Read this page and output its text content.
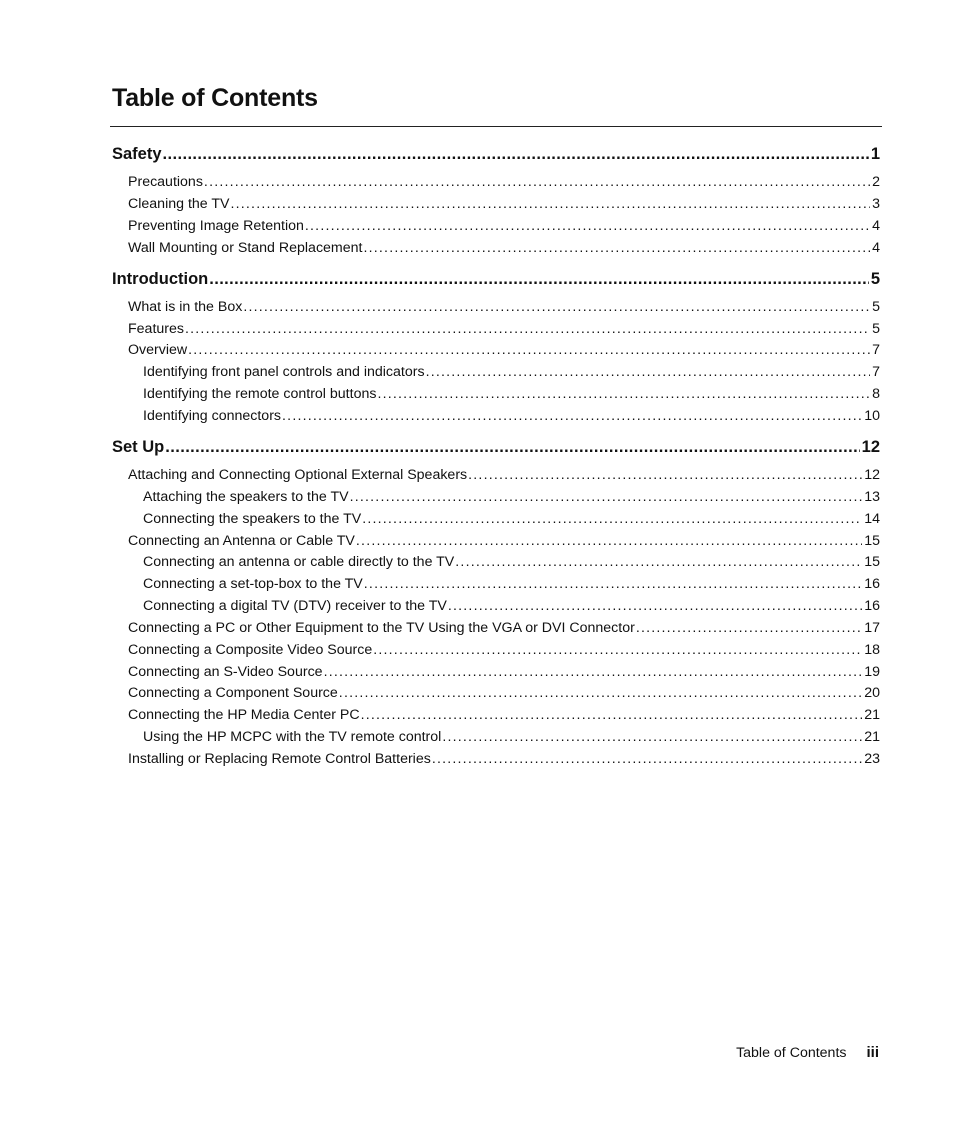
Table of Contents
Safety .....	1
Precautions .....	2
Cleaning the TV .....	3
Preventing Image Retention .....	4
Wall Mounting or Stand Replacement .....	4
Introduction .....	5
What is in the Box .....	5
Features .....	5
Overview .....	7
Identifying front panel controls and indicators .....	7
Identifying the remote control buttons .....	8
Identifying connectors .....	10
Set Up .....	12
Attaching and Connecting Optional External Speakers .....	12
Attaching the speakers to the TV .....	13
Connecting the speakers to the TV .....	14
Connecting an Antenna or Cable TV .....	15
Connecting an antenna or cable directly to the TV .....	15
Connecting a set-top-box to the TV .....	16
Connecting a digital TV (DTV) receiver to the TV .....	16
Connecting a PC or Other Equipment to the TV Using the VGA or DVI Connector .....	17
Connecting a Composite Video Source .....	18
Connecting an S-Video Source .....	19
Connecting a Component Source .....	20
Connecting the HP Media Center PC .....	21
Using the HP MCPC with the TV remote control .....	21
Installing or Replacing Remote Control Batteries .....	23
Table of Contents iii
